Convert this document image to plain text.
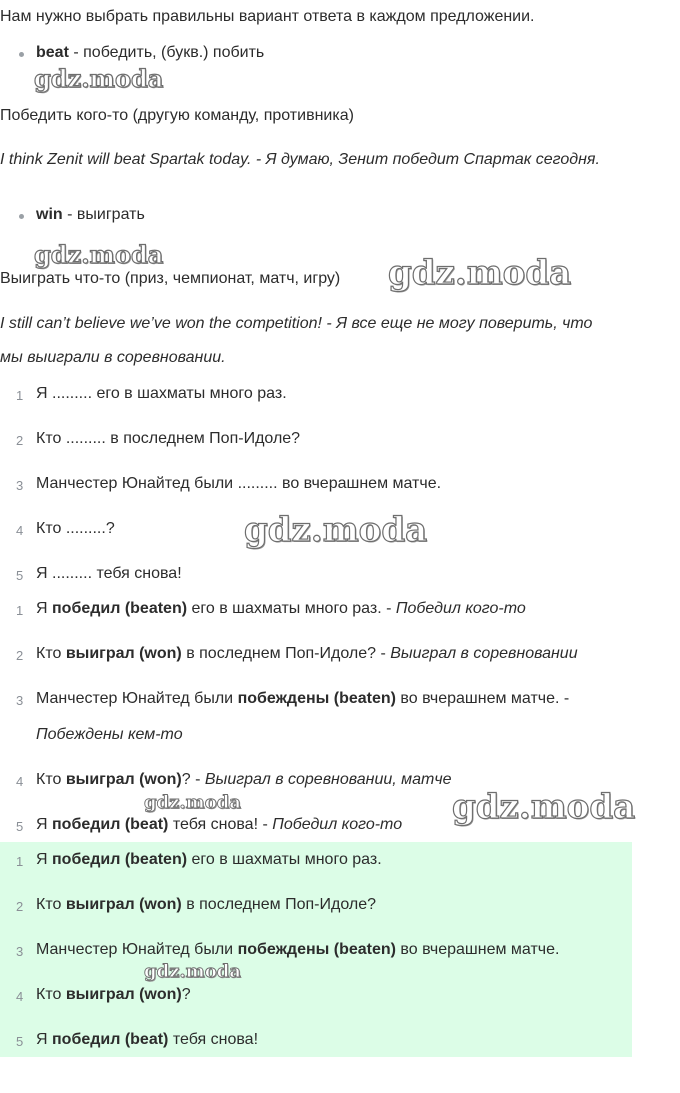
Нам нужно выбрать правильны вариант ответа в каждом предложении.
beat - победить, (букв.) побить
gdz.moda
Победить кого-то (другую команду, противника)
I think Zenit will beat Spartak today. - Я думаю, Зенит победит Спартак сегодня.
win - выиграть
gdz.moda
Выиграть что-то (приз, чемпионат, матч, игру) gdz.moda
I still can’t believe we’ve won the competition! - Я все еще не могу поверить, что
мы выиграли в соревновании.
1 Я ......... его в шахматы много раз.
2 Кто ......... в последнем Поп-Идоле?
3 Манчестер Юнайтед были ......... во вчерашнем матче.
4 Кто .........?
5 Я ......... тебя снова!
gdz.moda
1 Я победил (beaten) его в шахматы много раз. - Победил кого-то
2 Кто выиграл (won) в последнем Поп-Идоле? - Выиграл в соревновании
3 Манчестер Юнайтед были побеждены (beaten) во вчерашнем матче. -
Побеждены кем-то
4 Кто выиграл (won)? - Выиграл в соревновании, матче
gdz.moda
5 Я победил (beat) тебя снова! - Победил кого-то gdz.moda
1 Я победил (beaten) его в шахматы много раз.
2 Кто выиграл (won) в последнем Поп-Идоле?
3 Манчестер Юнайтед были побеждены (beaten) во вчерашнем матче.
gdz.moda
4 Кто выиграл (won)?
5 Я победил (beat) тебя снова!
